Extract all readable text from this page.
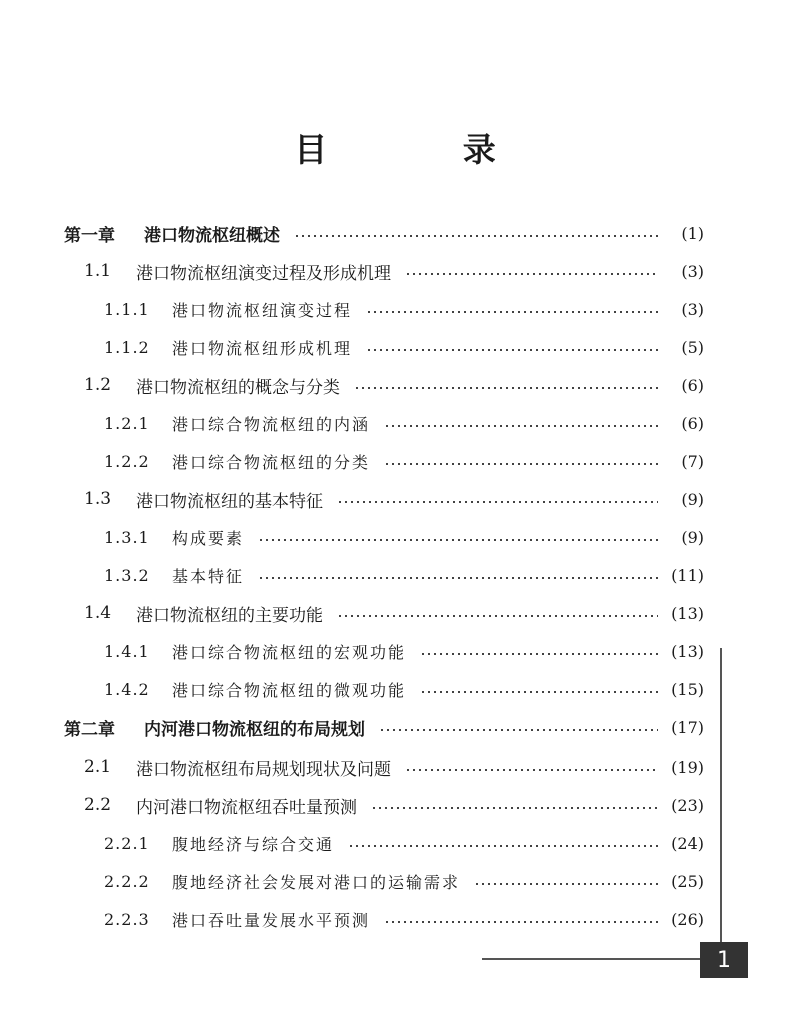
目 录
第一章	港口物流枢纽概述	(1)
1.1	港口物流枢纽演变过程及形成机理	(3)
1.1.1	港口物流枢纽演变过程	(3)
1.1.2	港口物流枢纽形成机理	(5)
1.2	港口物流枢纽的概念与分类	(6)
1.2.1	港口综合物流枢纽的内涵	(6)
1.2.2	港口综合物流枢纽的分类	(7)
1.3	港口物流枢纽的基本特征	(9)
1.3.1	构成要素	(9)
1.3.2	基本特征	(11)
1.4	港口物流枢纽的主要功能	(13)
1.4.1	港口综合物流枢纽的宏观功能	(13)
1.4.2	港口综合物流枢纽的微观功能	(15)
第二章	内河港口物流枢纽的布局规划	(17)
2.1	港口物流枢纽布局规划现状及问题	(19)
2.2	内河港口物流枢纽吞吐量预测	(23)
2.2.1	腹地经济与综合交通	(24)
2.2.2	腹地经济社会发展对港口的运输需求	(25)
2.2.3	港口吞吐量发展水平预测	(26)
1
